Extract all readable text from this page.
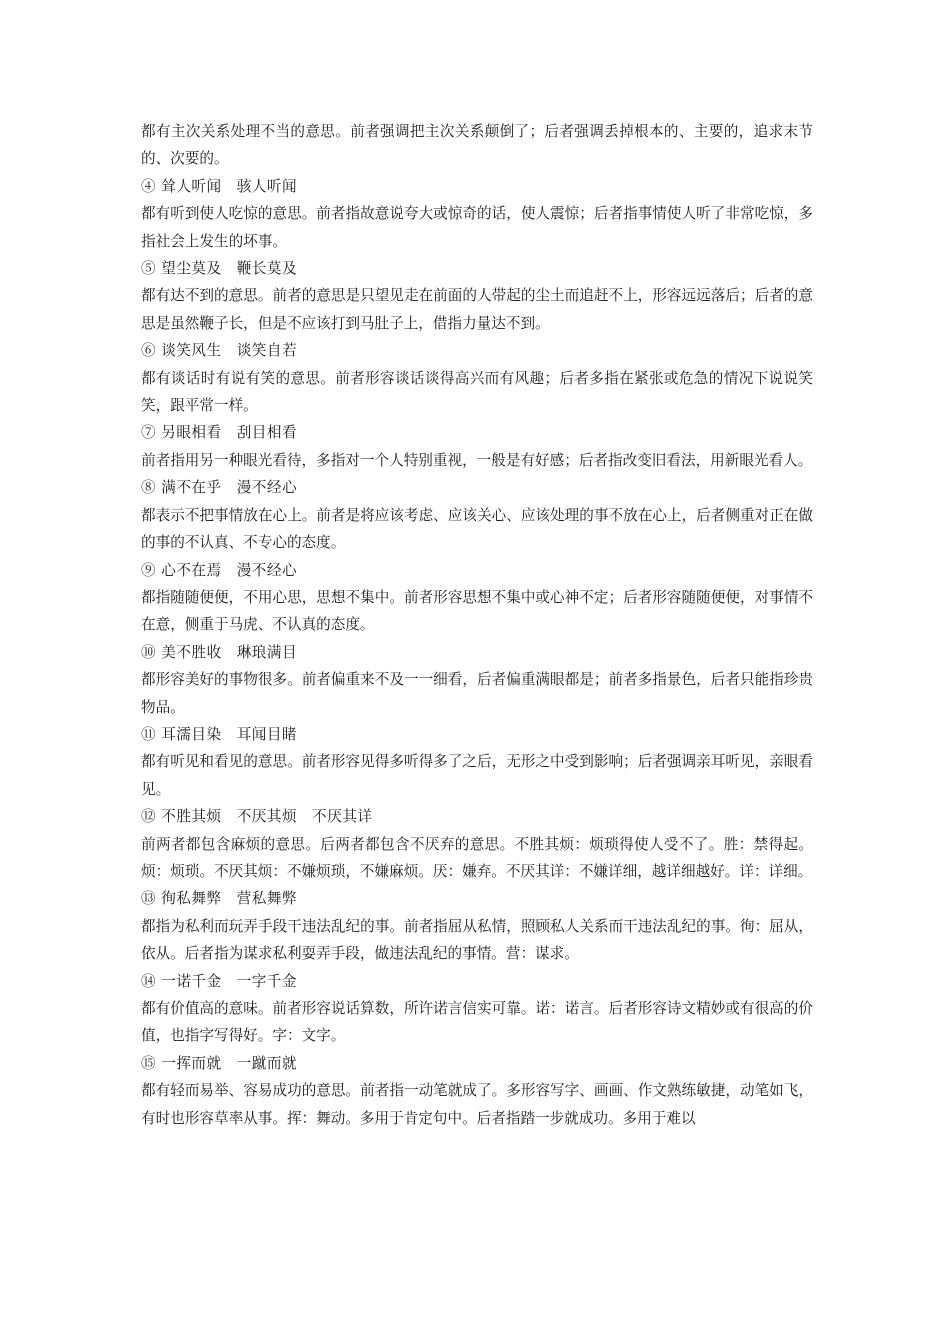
都有主次关系处理不当的意思。前者强调把主次关系颠倒了；后者强调丢掉根本的、主要的，追求末节的、次要的。

④ 耸人听闻　骇人听闻

都有听到使人吃惊的意思。前者指故意说夸大或惊奇的话，使人震惊；后者指事情使人听了非常吃惊，多指社会上发生的坏事。

⑤ 望尘莫及　鞭长莫及

都有达不到的意思。前者的意思是只望见走在前面的人带起的尘土而追赶不上，形容远远落后；后者的意思是虽然鞭子长，但是不应该打到马肚子上，借指力量达不到。

⑥ 谈笑风生　谈笑自若

都有谈话时有说有笑的意思。前者形容谈话谈得高兴而有风趣；后者多指在紧张或危急的情况下说说笑笑，跟平常一样。

⑦ 另眼相看　刮目相看

前者指用另一种眼光看待，多指对一个人特别重视，一般是有好感；后者指改变旧看法，用新眼光看人。

⑧ 满不在乎　漫不经心

都表示不把事情放在心上。前者是将应该考虑、应该关心、应该处理的事不放在心上，后者侧重对正在做的事的不认真、不专心的态度。

⑨ 心不在焉　漫不经心

都指随随便便，不用心思，思想不集中。前者形容思想不集中或心神不定；后者形容随随便便，对事情不在意，侧重于马虎、不认真的态度。

⑩ 美不胜收　琳琅满目

都形容美好的事物很多。前者偏重来不及一一细看，后者偏重满眼都是；前者多指景色，后者只能指珍贵物品。

⑪ 耳濡目染　耳闻目睹

都有听见和看见的意思。前者形容见得多听得多了之后，无形之中受到影响；后者强调亲耳听见，亲眼看见。

⑫ 不胜其烦　不厌其烦　不厌其详

前两者都包含麻烦的意思。后两者都包含不厌弃的意思。不胜其烦：烦琐得使人受不了。胜：禁得起。烦：烦琐。不厌其烦：不嫌烦琐，不嫌麻烦。厌：嫌弃。不厌其详：不嫌详细，越详细越好。详：详细。

⑬ 徇私舞弊　营私舞弊

都指为私利而玩弄手段干违法乱纪的事。前者指屈从私情，照顾私人关系而干违法乱纪的事。徇：屈从，依从。后者指为谋求私利耍弄手段，做违法乱纪的事情。营：谋求。

⑭ 一诺千金　一字千金

都有价值高的意味。前者形容说话算数，所许诺言信实可靠。诺：诺言。后者形容诗文精妙或有很高的价值，也指字写得好。字：文字。

⑮ 一挥而就　一蹴而就

都有轻而易举、容易成功的意思。前者指一动笔就成了。多形容写字、画画、作文熟练敏捷，动笔如飞，有时也形容草率从事。挥：舞动。多用于肯定句中。后者指踏一步就成功。多用于难以
